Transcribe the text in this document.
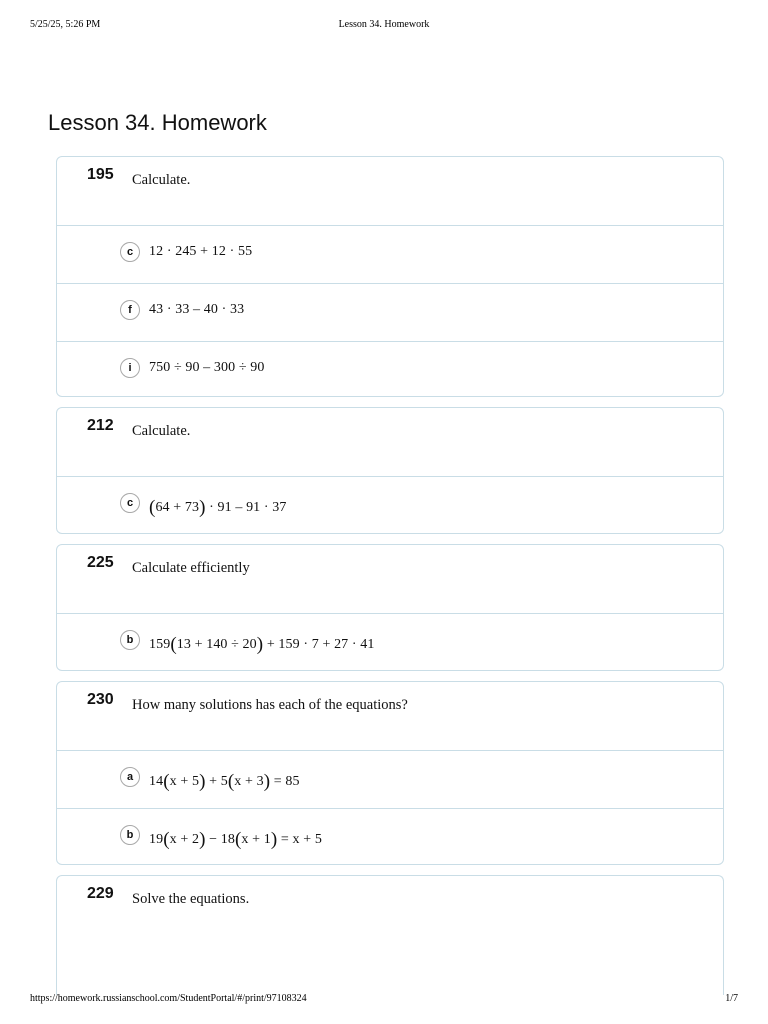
5/25/25, 5:26 PM	Lesson 34. Homework
Lesson 34. Homework
195 Calculate.
c	12 · 245 + 12 · 55
f	43 · 33 – 40 · 33
i	750 ÷ 90 – 300 ÷ 90
212 Calculate.
c (64 + 73) · 91 – 91 · 37
225 Calculate efficiently
b	159(13 + 140 ÷ 20) + 159 · 7 + 27 · 41
230 How many solutions has each of the equations?
a	14(x + 5) + 5(x + 3) = 85
b	19(x + 2) − 18(x + 1) = x + 5
229 Solve the equations.
https://homework.russianschool.com/StudentPortal/#/print/97108324	1/7
